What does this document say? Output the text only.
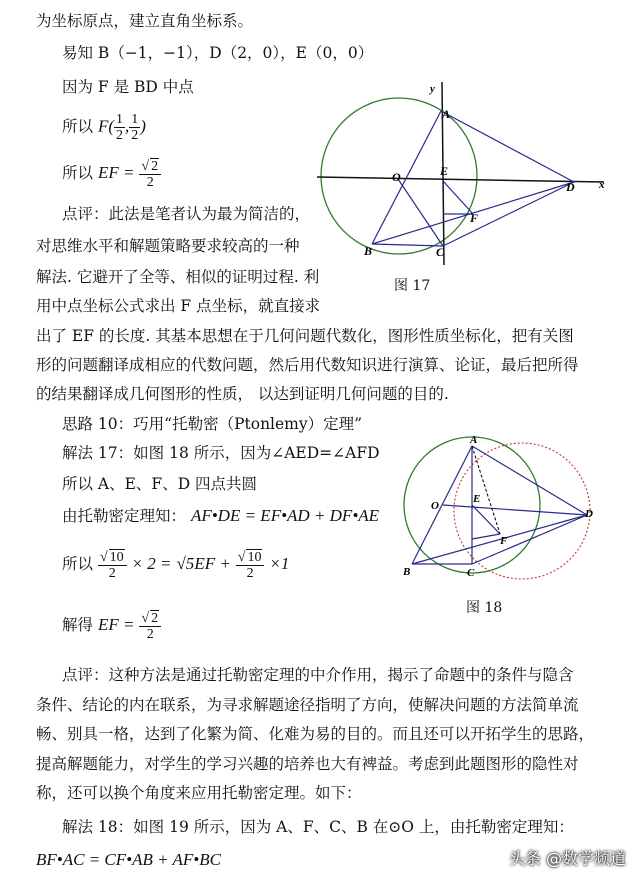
为坐标原点，建立直角坐标系。
易知 B（−1，−1），D（2，0），E（0，0）
因为 F 是 BD 中点
所以 $F( \frac{1}{2}$ , $\frac{1}{2}$ )
所以 EF = $\frac{√ 2}{2}$
点评：此法是笔者认为最为简洁的，
对思维水平和解题策略要求较高的一种
解法. 它避开了全等、相似的证明过程. 利
用中点坐标公式求出 F 点坐标，就直接求
出了 EF 的长度. 其基本思想在于几何问题代数化，图形性质坐标化，把有关图
形的问题翻译成相应的代数问题，然后用代数知识进行演算、论证，最后把所得
的结果翻译成几何图形的性质， 以达到证明几何问题的目的.
思路 10：巧用“托勒密（Ptonlemy）定理”
解法 17：如图 18 所示，因为∠AED=∠AFD
所以 A、E、F、D 四点共圆
由托勒密定理知： AF•DE = EF•AD + DF•AE
所以 $\frac{√ 10}{2} \times 2 = √5EF + \frac{√ 10}{2} \times 1$
解得 EF = $\frac{√ 2}{2}$
点评：这种方法是通过托勒密定理的中介作用，揭示了命题中的条件与隐含
条件、结论的内在联系，为寻求解题途径指明了方向，使解决问题的方法简单流
畅、别具一格，达到了化繁为简、化难为易的目的。而且还可以开拓学生的思路，
提高解题能力，对学生的学习兴趣的培养也大有裨益。考虑到此题图形的隐性对
称，还可以换个角度来应用托勒密定理。如下：
解法 18：如图 19 所示，因为 A、F、C、B 在⊙O 上，由托勒密定理知：
BF•AC = CF•AB + AF•BC
y
x
A
O	E
D
F
B	C
图 17
A
O
E
D
F
B	C
图 18
头条 @数学频道
